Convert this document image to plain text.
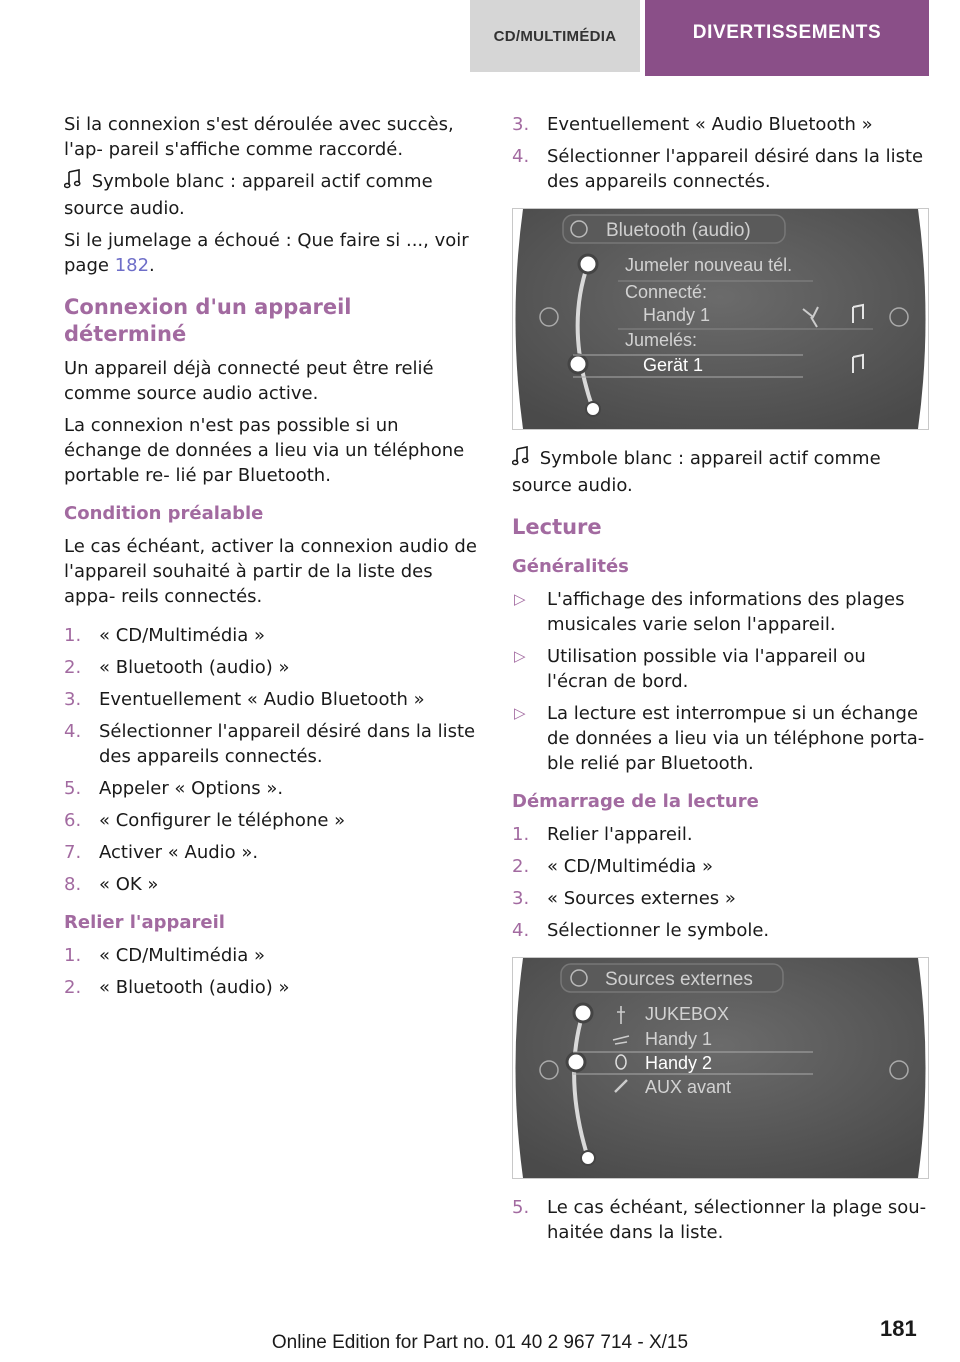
CD/MULTIMÉDIA	DIVERTISSEMENTS

Si la connexion s'est déroulée avec succès, l'ap‐ pareil s'affiche comme raccordé.

Symbole blanc : appareil actif comme source audio.

Si le jumelage a échoué : Que faire si ..., voir page 182.

Connexion d'un appareil déterminé

Un appareil déjà connecté peut être relié comme source audio active.

La connexion n'est pas possible si un échange de données a lieu via un téléphone portable re‐ lié par Bluetooth.

Condition préalable

Le cas échéant, activer la connexion audio de l'appareil souhaité à partir de la liste des appa‐ reils connectés.

1. « CD/Multimédia »
2. « Bluetooth (audio) »
3. Eventuellement « Audio Bluetooth »
4. Sélectionner l'appareil désiré dans la liste des appareils connectés.
5. Appeler « Options ».
6. « Configurer le téléphone »
7. Activer « Audio ».
8. « OK »
Relier l'appareil
1. « CD/Multimédia »
2. « Bluetooth (audio) »
3. Eventuellement « Audio Bluetooth »
4. Sélectionner l'appareil désiré dans la liste des appareils connectés.
Bluetooth (audio)
Jumeler nouveau tél.
Connecté:
Handy 1
Jumelés:
Gerät 1

Symbole blanc : appareil actif comme source audio.

Lecture
Généralités
▷ L'affichage des informations des plages musicales varie selon l'appareil.
▷ Utilisation possible via l'appareil ou l'écran de bord.
▷ La lecture est interrompue si un échange de données a lieu via un téléphone porta‐ ble relié par Bluetooth.
Démarrage de la lecture
1. Relier l'appareil.
2. « CD/Multimédia »
3. « Sources externes »
4. Sélectionner le symbole.
Sources externes
JUKEBOX
Handy 1
Handy 2
AUX avant
5. Le cas échéant, sélectionner la plage sou‐ haitée dans la liste.
181
Online Edition for Part no. 01 40 2 967 714 - X/15
